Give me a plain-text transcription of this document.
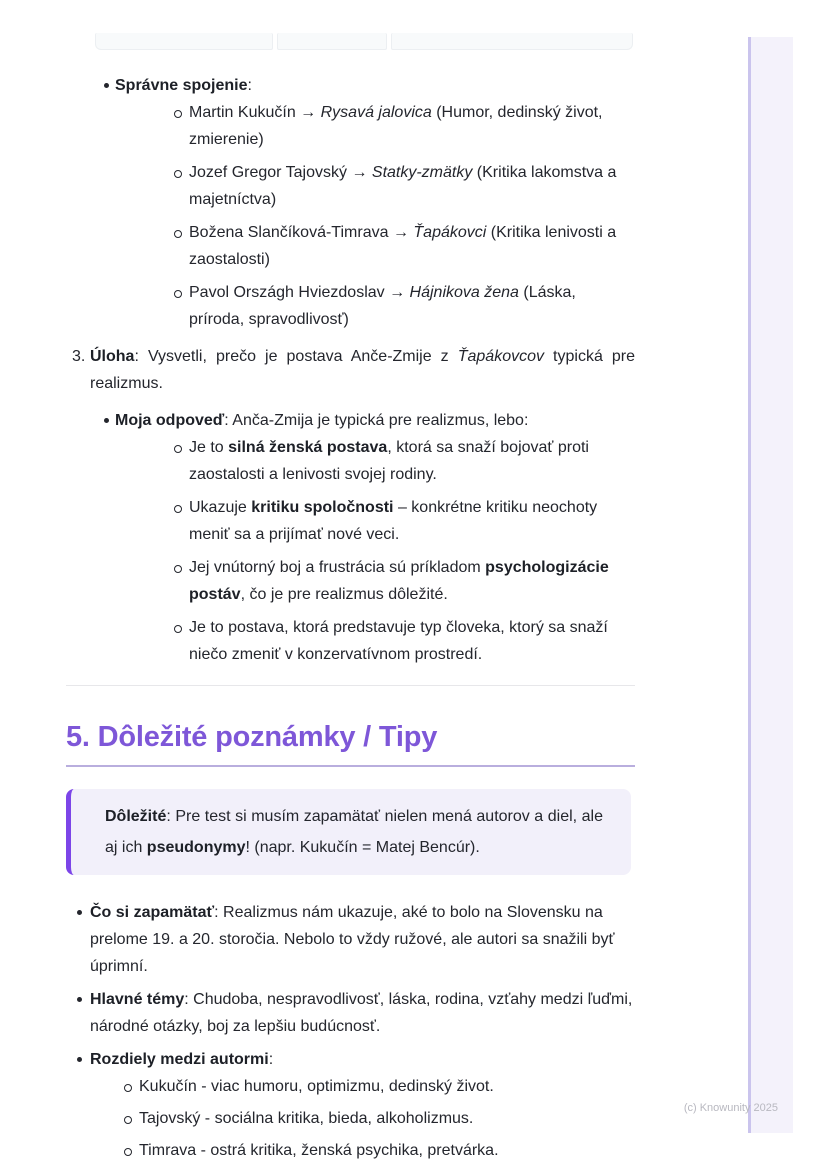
Správne spojenie:

Martin Kukučín → Rysavá jalovica (Humor, dedinský život, zmierenie)

Jozef Gregor Tajovský → Statky-zmätky (Kritika lakomstva a majetníctva)

Božena Slančíková-Timrava → Ťapákovci (Kritika lenivosti a zaostalosti)

Pavol Országh Hviezdoslav → Hájnikova žena (Láska, príroda, spravodlivosť)

3. Úloha: Vysvetli, prečo je postava Anče-Zmije z Ťapákovcov typická pre realizmus.

Moja odpoveď: Anča-Zmija je typická pre realizmus, lebo:

Je to silná ženská postava, ktorá sa snaží bojovať proti zaostalosti a lenivosti svojej rodiny.

Ukazuje kritiku spoločnosti – konkrétne kritiku neochoty meniť sa a prijímať nové veci.

Jej vnútorný boj a frustrácia sú príkladom psychologizácie postáv, čo je pre realizmus dôležité.

Je to postava, ktorá predstavuje typ človeka, ktorý sa snaží niečo zmeniť v konzervatívnom prostredí.

5. Dôležité poznámky / Tipy

Dôležité: Pre test si musím zapamätať nielen mená autorov a diel, ale aj ich pseudonymy! (napr. Kukučín = Matej Bencúr).

Čo si zapamätať: Realizmus nám ukazuje, aké to bolo na Slovensku na prelome 19. a 20. storočia. Nebolo to vždy ružové, ale autori sa snažili byť úprimní.

Hlavné témy: Chudoba, nespravodlivosť, láska, rodina, vzťahy medzi ľuďmi, národné otázky, boj za lepšiu budúcnosť.

Rozdiely medzi autormi:

Kukučín - viac humoru, optimizmu, dedinský život.

Tajovský - sociálna kritika, bieda, alkoholizmus.

Timrava - ostrá kritika, ženská psychika, pretvárka.

(c) Knowunity 2025
